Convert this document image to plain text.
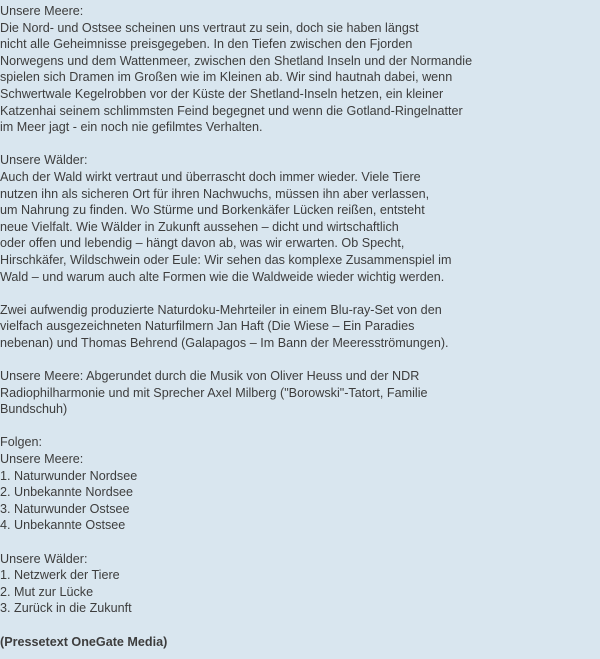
Unsere Meere:
Die Nord- und Ostsee scheinen uns vertraut zu sein, doch sie haben längst
nicht alle Geheimnisse preisgegeben. In den Tiefen zwischen den Fjorden
Norwegens und dem Wattenmeer, zwischen den Shetland Inseln und der Normandie
spielen sich Dramen im Großen wie im Kleinen ab. Wir sind hautnah dabei, wenn
Schwertwale Kegelrobben vor der Küste der Shetland-Inseln hetzen, ein kleiner
Katzenhai seinem schlimmsten Feind begegnet und wenn die Gotland-Ringelnatter
im Meer jagt - ein noch nie gefilmtes Verhalten.
Unsere Wälder:
Auch der Wald wirkt vertraut und überrascht doch immer wieder. Viele Tiere
nutzen ihn als sicheren Ort für ihren Nachwuchs, müssen ihn aber verlassen,
um Nahrung zu finden. Wo Stürme und Borkenkäfer Lücken reißen, entsteht
neue Vielfalt. Wie Wälder in Zukunft aussehen – dicht und wirtschaftlich
oder offen und lebendig – hängt davon ab, was wir erwarten. Ob Specht,
Hirschkäfer, Wildschwein oder Eule: Wir sehen das komplexe Zusammenspiel im
Wald – und warum auch alte Formen wie die Waldweide wieder wichtig werden.
Zwei aufwendig produzierte Naturdoku-Mehrteiler in einem Blu-ray-Set von den
vielfach ausgezeichneten Naturfilmern Jan Haft (Die Wiese – Ein Paradies
nebenan) und Thomas Behrend (Galapagos – Im Bann der Meeresströmungen).
Unsere Meere: Abgerundet durch die Musik von Oliver Heuss und der NDR
Radiophilharmonie und mit Sprecher Axel Milberg ("Borowski"-Tatort, Familie
Bundschuh)
Folgen:
Unsere Meere:
1. Naturwunder Nordsee
2. Unbekannte Nordsee
3. Naturwunder Ostsee
4. Unbekannte Ostsee
Unsere Wälder:
1. Netzwerk der Tiere
2. Mut zur Lücke
3. Zurück in die Zukunft
(Pressetext OneGate Media)
